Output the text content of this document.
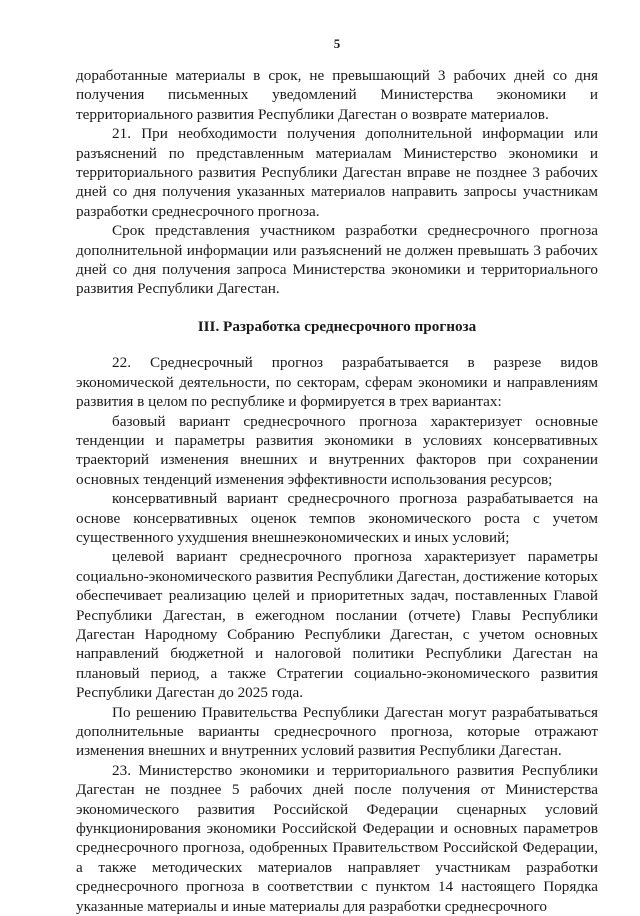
5

доработанные материалы в срок, не превышающий 3 рабочих дней со дня получения письменных уведомлений Министерства экономики и территориального развития Республики Дагестан о возврате материалов.

21. При необходимости получения дополнительной информации или разъяснений по представленным материалам Министерство экономики и территориального развития Республики Дагестан вправе не позднее 3 рабочих дней со дня получения указанных материалов направить запросы участникам разработки среднесрочного прогноза.

Срок представления участником разработки среднесрочного прогноза дополнительной информации или разъяснений не должен превышать 3 рабочих дней со дня получения запроса Министерства экономики и территориального развития Республики Дагестан.

III. Разработка среднесрочного прогноза

22. Среднесрочный прогноз разрабатывается в разрезе видов экономической деятельности, по секторам, сферам экономики и направлениям развития в целом по республике и формируется в трех вариантах:

базовый вариант среднесрочного прогноза характеризует основные тенденции и параметры развития экономики в условиях консервативных траекторий изменения внешних и внутренних факторов при сохранении основных тенденций изменения эффективности использования ресурсов;

консервативный вариант среднесрочного прогноза разрабатывается на основе консервативных оценок темпов экономического роста с учетом существенного ухудшения внешнеэкономических и иных условий;

целевой вариант среднесрочного прогноза характеризует параметры социально-экономического развития Республики Дагестан, достижение которых обеспечивает реализацию целей и приоритетных задач, поставленных Главой Республики Дагестан, в ежегодном послании (отчете) Главы Республики Дагестан Народному Собранию Республики Дагестан, с учетом основных направлений бюджетной и налоговой политики Республики Дагестан на плановый период, а также Стратегии социально-экономического развития Республики Дагестан до 2025 года.

По решению Правительства Республики Дагестан могут разрабатываться дополнительные варианты среднесрочного прогноза, которые отражают изменения внешних и внутренних условий развития Республики Дагестан.

23. Министерство экономики и территориального развития Республики Дагестан не позднее 5 рабочих дней после получения от Министерства экономического развития Российской Федерации сценарных условий функционирования экономики Российской Федерации и основных параметров среднесрочного прогноза, одобренных Правительством Российской Федерации, а также методических материалов направляет участникам разработки среднесрочного прогноза в соответствии с пунктом 14 настоящего Порядка указанные материалы и иные материалы для разработки среднесрочного
